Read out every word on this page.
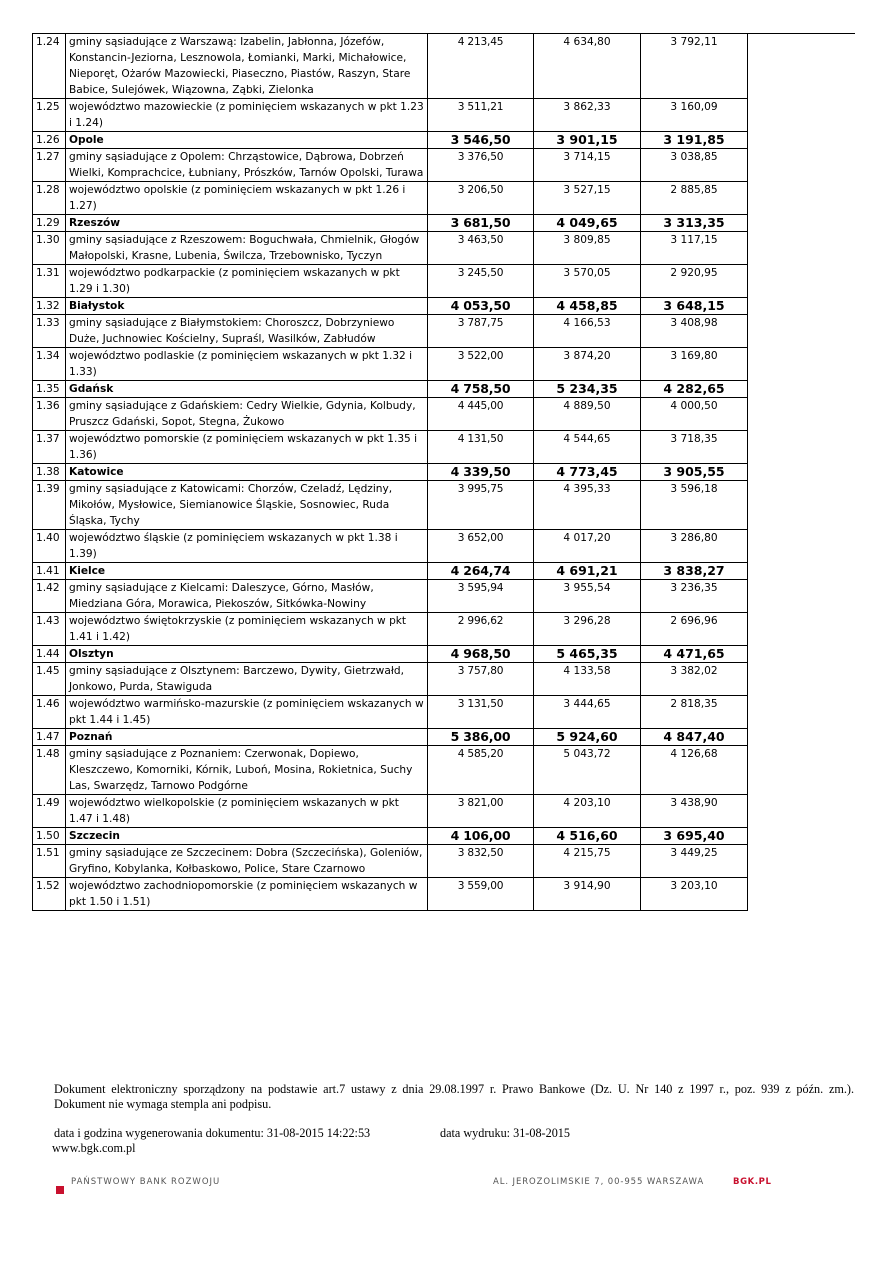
1.24	gminy sąsiadujące z Warszawą: Izabelin, Jabłonna, Józefów, Konstancin-Jeziorna, Lesznowola, Łomianki, Marki, Michałowice, Nieporęt, Ożarów Mazowiecki, Piaseczno, Piastów, Raszyn, Stare Babice, Sulejówek, Wiązowna, Ząbki, Zielonka	4 213,45	4 634,80	3 792,11
1.25	województwo mazowieckie (z pominięciem wskazanych w pkt 1.23 i 1.24)	3 511,21	3 862,33	3 160,09
1.26	Opole	3 546,50	3 901,15	3 191,85
1.27	gminy sąsiadujące z Opolem: Chrząstowice, Dąbrowa, Dobrzeń Wielki, Komprachcice, Łubniany, Prószków, Tarnów Opolski, Turawa	3 376,50	3 714,15	3 038,85
1.28	województwo opolskie (z pominięciem wskazanych w pkt 1.26 i 1.27)	3 206,50	3 527,15	2 885,85
1.29	Rzeszów	3 681,50	4 049,65	3 313,35
1.30	gminy sąsiadujące z Rzeszowem: Boguchwała, Chmielnik, Głogów Małopolski, Krasne, Lubenia, Świlcza, Trzebownisko, Tyczyn	3 463,50	3 809,85	3 117,15
1.31	województwo podkarpackie (z pominięciem wskazanych w pkt 1.29 i 1.30)	3 245,50	3 570,05	2 920,95
1.32	Białystok	4 053,50	4 458,85	3 648,15
1.33	gminy sąsiadujące z Białymstokiem: Choroszcz, Dobrzyniewo Duże, Juchnowiec Kościelny, Supraśl, Wasilków, Zabłudów	3 787,75	4 166,53	3 408,98
1.34	województwo podlaskie (z pominięciem wskazanych w pkt 1.32 i 1.33)	3 522,00	3 874,20	3 169,80
1.35	Gdańsk	4 758,50	5 234,35	4 282,65
1.36	gminy sąsiadujące z Gdańskiem: Cedry Wielkie, Gdynia, Kolbudy, Pruszcz Gdański, Sopot, Stegna, Żukowo	4 445,00	4 889,50	4 000,50
1.37	województwo pomorskie (z pominięciem wskazanych w pkt 1.35 i 1.36)	4 131,50	4 544,65	3 718,35
1.38	Katowice	4 339,50	4 773,45	3 905,55
1.39	gminy sąsiadujące z Katowicami: Chorzów, Czeladź, Lędziny, Mikołów, Mysłowice, Siemianowice Śląskie, Sosnowiec, Ruda Śląska, Tychy	3 995,75	4 395,33	3 596,18
1.40	województwo śląskie (z pominięciem wskazanych w pkt 1.38 i 1.39)	3 652,00	4 017,20	3 286,80
1.41	Kielce	4 264,74	4 691,21	3 838,27
1.42	gminy sąsiadujące z Kielcami: Daleszyce, Górno, Masłów, Miedziana Góra, Morawica, Piekoszów, Sitkówka-Nowiny	3 595,94	3 955,54	3 236,35
1.43	województwo świętokrzyskie (z pominięciem wskazanych w pkt 1.41 i 1.42)	2 996,62	3 296,28	2 696,96
1.44	Olsztyn	4 968,50	5 465,35	4 471,65
1.45	gminy sąsiadujące z Olsztynem: Barczewo, Dywity, Gietrzwałd, Jonkowo, Purda, Stawiguda	3 757,80	4 133,58	3 382,02
1.46	województwo warmińsko-mazurskie (z pominięciem wskazanych w pkt 1.44 i 1.45)	3 131,50	3 444,65	2 818,35
1.47	Poznań	5 386,00	5 924,60	4 847,40
1.48	gminy sąsiadujące z Poznaniem: Czerwonak, Dopiewo, Kleszczewo, Komorniki, Kórnik, Luboń, Mosina, Rokietnica, Suchy Las, Swarzędz, Tarnowo Podgórne	4 585,20	5 043,72	4 126,68
1.49	województwo wielkopolskie (z pominięciem wskazanych w pkt 1.47 i 1.48)	3 821,00	4 203,10	3 438,90
1.50	Szczecin	4 106,00	4 516,60	3 695,40
1.51	gminy sąsiadujące ze Szczecinem: Dobra (Szczecińska), Goleniów, Gryfino, Kobylanka, Kołbaskowo, Police, Stare Czarnowo	3 832,50	4 215,75	3 449,25
1.52	województwo zachodniopomorskie (z pominięciem wskazanych w pkt 1.50 i 1.51)	3 559,00	3 914,90	3 203,10
Dokument elektroniczny sporządzony na podstawie art.7 ustawy z dnia 29.08.1997 r. Prawo Bankowe (Dz. U. Nr 140 z 1997 r., poz. 939 z późn. zm.).
Dokument nie wymaga stempla ani podpisu.
data i godzina wygenerowania dokumentu: 31-08-2015 14:22:53	data wydruku: 31-08-2015
www.bgk.com.pl
PAŃSTWOWY BANK ROZWOJU	AL. JEROZOLIMSKIE 7, 00-955 WARSZAWA	BGK.PL
